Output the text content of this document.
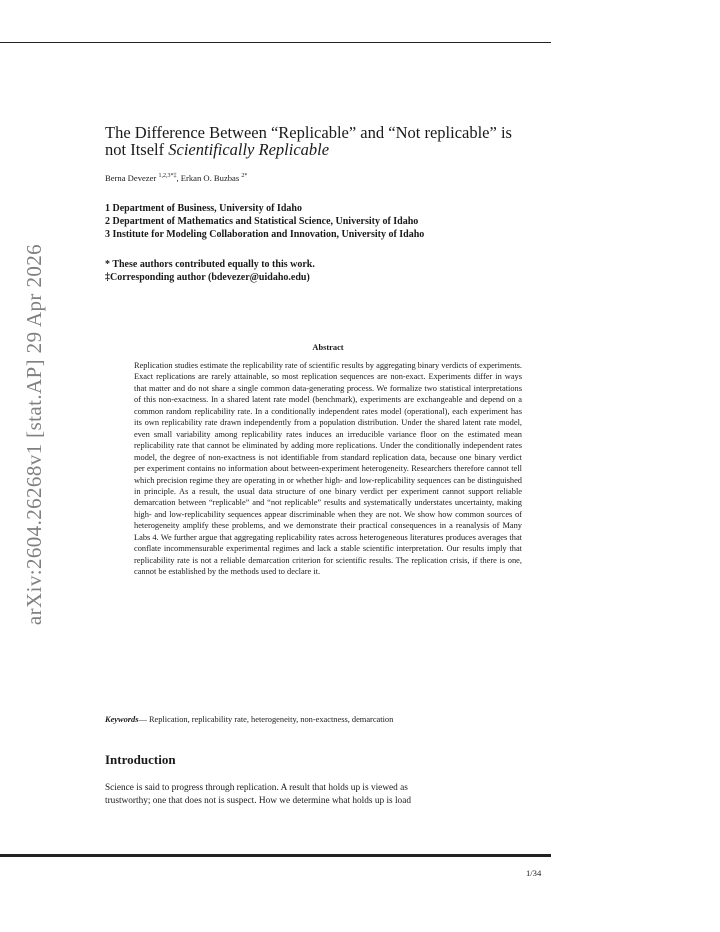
arXiv:2604.26268v1 [stat.AP] 29 Apr 2026
The Difference Between “Replicable” and “Not replicable” is
not Itself Scientifically Replicable
Berna Devezer $^{1,2,3*\ddagger}$, Erkan O. Buzbas $^{2*}$
1 Department of Business, University of Idaho
2 Department of Mathematics and Statistical Science, University of Idaho
3 Institute for Modeling Collaboration and Innovation, University of Idaho
* These authors contributed equally to this work.
‡Corresponding author (bdevezer@uidaho.edu)
Abstract
Replication studies estimate the replicability rate of scientific results by aggregating binary verdicts of experiments. Exact replications are rarely attainable, so most replication sequences are non-exact. Experiments differ in ways that matter and do not share a single common data-generating process. We formalize two statistical interpretations of this non-exactness. In a shared latent rate model (benchmark), experiments are exchangeable and depend on a common random replicability rate. In a conditionally independent rates model (operational), each experiment has its own replicability rate drawn independently from a population distribution. Under the shared latent rate model, even small variability among replicability rates induces an irreducible variance floor on the estimated mean replicability rate that cannot be eliminated by adding more replications. Under the conditionally independent rates model, the degree of non-exactness is not identifiable from standard replication data, because one binary verdict per experiment contains no information about between-experiment heterogeneity. Researchers therefore cannot tell which precision regime they are operating in or whether high- and low-replicability sequences can be distinguished in principle. As a result, the usual data structure of one binary verdict per experiment cannot support reliable demarcation between “replicable” and “not replicable” results and systematically understates uncertainty, making high- and low-replicability sequences appear discriminable when they are not. We show how common sources of heterogeneity amplify these problems, and we demonstrate their practical consequences in a reanalysis of Many Labs 4. We further argue that aggregating replicability rates across heterogeneous literatures produces averages that conflate incommensurable experimental regimes and lack a stable scientific interpretation. Our results imply that replicability rate is not a reliable demarcation criterion for scientific results. The replication crisis, if there is one, cannot be established by the methods used to declare it.
Keywords— Replication, replicability rate, heterogeneity, non-exactness, demarcation
Introduction
Science is said to progress through replication. A result that holds up is viewed as
trustworthy; one that does not is suspect. How we determine what holds up is load
1/34
